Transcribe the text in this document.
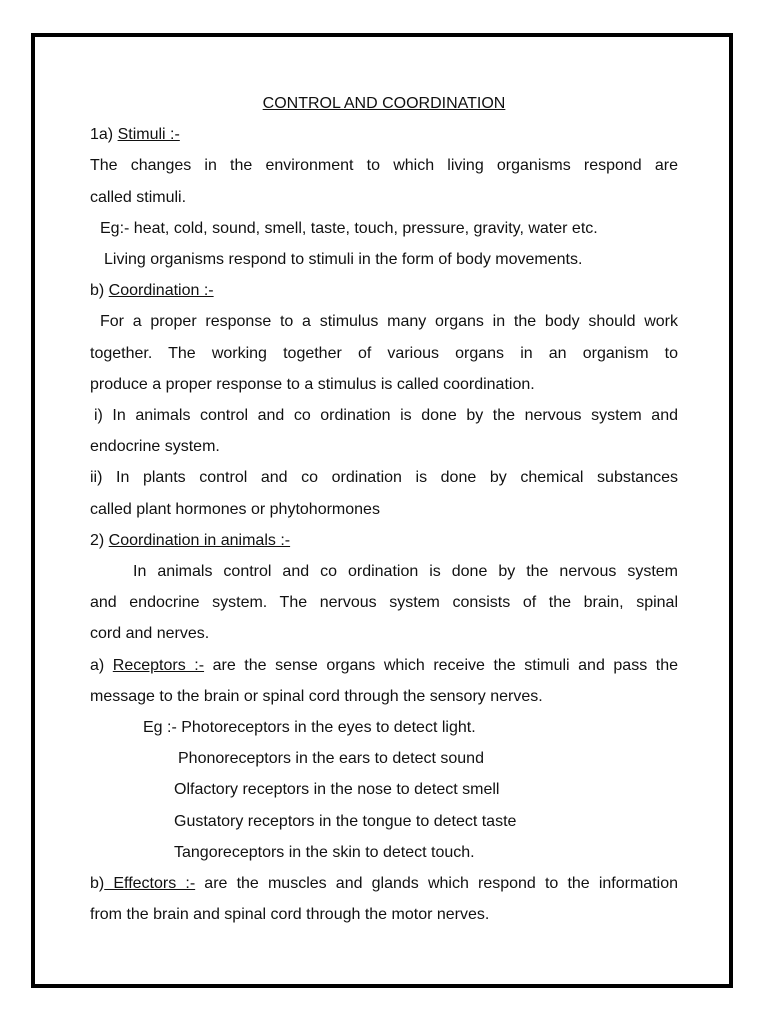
CONTROL AND COORDINATION
1a) Stimuli :-
The changes in the environment to which living organisms respond are
called stimuli.
Eg:- heat, cold, sound, smell, taste, touch, pressure, gravity, water etc.
Living organisms respond to stimuli in the form of body movements.
b) Coordination :-
For a proper response to a stimulus many organs in the body should work
together. The working together of various organs in an organism to
produce a proper response to a stimulus is called coordination.
i) In animals control and co ordination is done by the nervous system and
endocrine system.
ii) In plants control and co ordination is done by chemical substances
called plant hormones or phytohormones
2) Coordination in animals :-
In animals control and co ordination is done by the nervous system
and endocrine system. The nervous system consists of the brain, spinal
cord and nerves.
a) Receptors :- are the sense organs which receive the stimuli and pass the
message to the brain or spinal cord through the sensory nerves.
Eg :- Photoreceptors in the eyes to detect light.
Phonoreceptors in the ears to detect sound
Olfactory receptors in the nose to detect smell
Gustatory receptors in the tongue to detect taste
Tangoreceptors in the skin to detect touch.
b) Effectors :- are the muscles and glands which respond to the information
from the brain and spinal cord through the motor nerves.
